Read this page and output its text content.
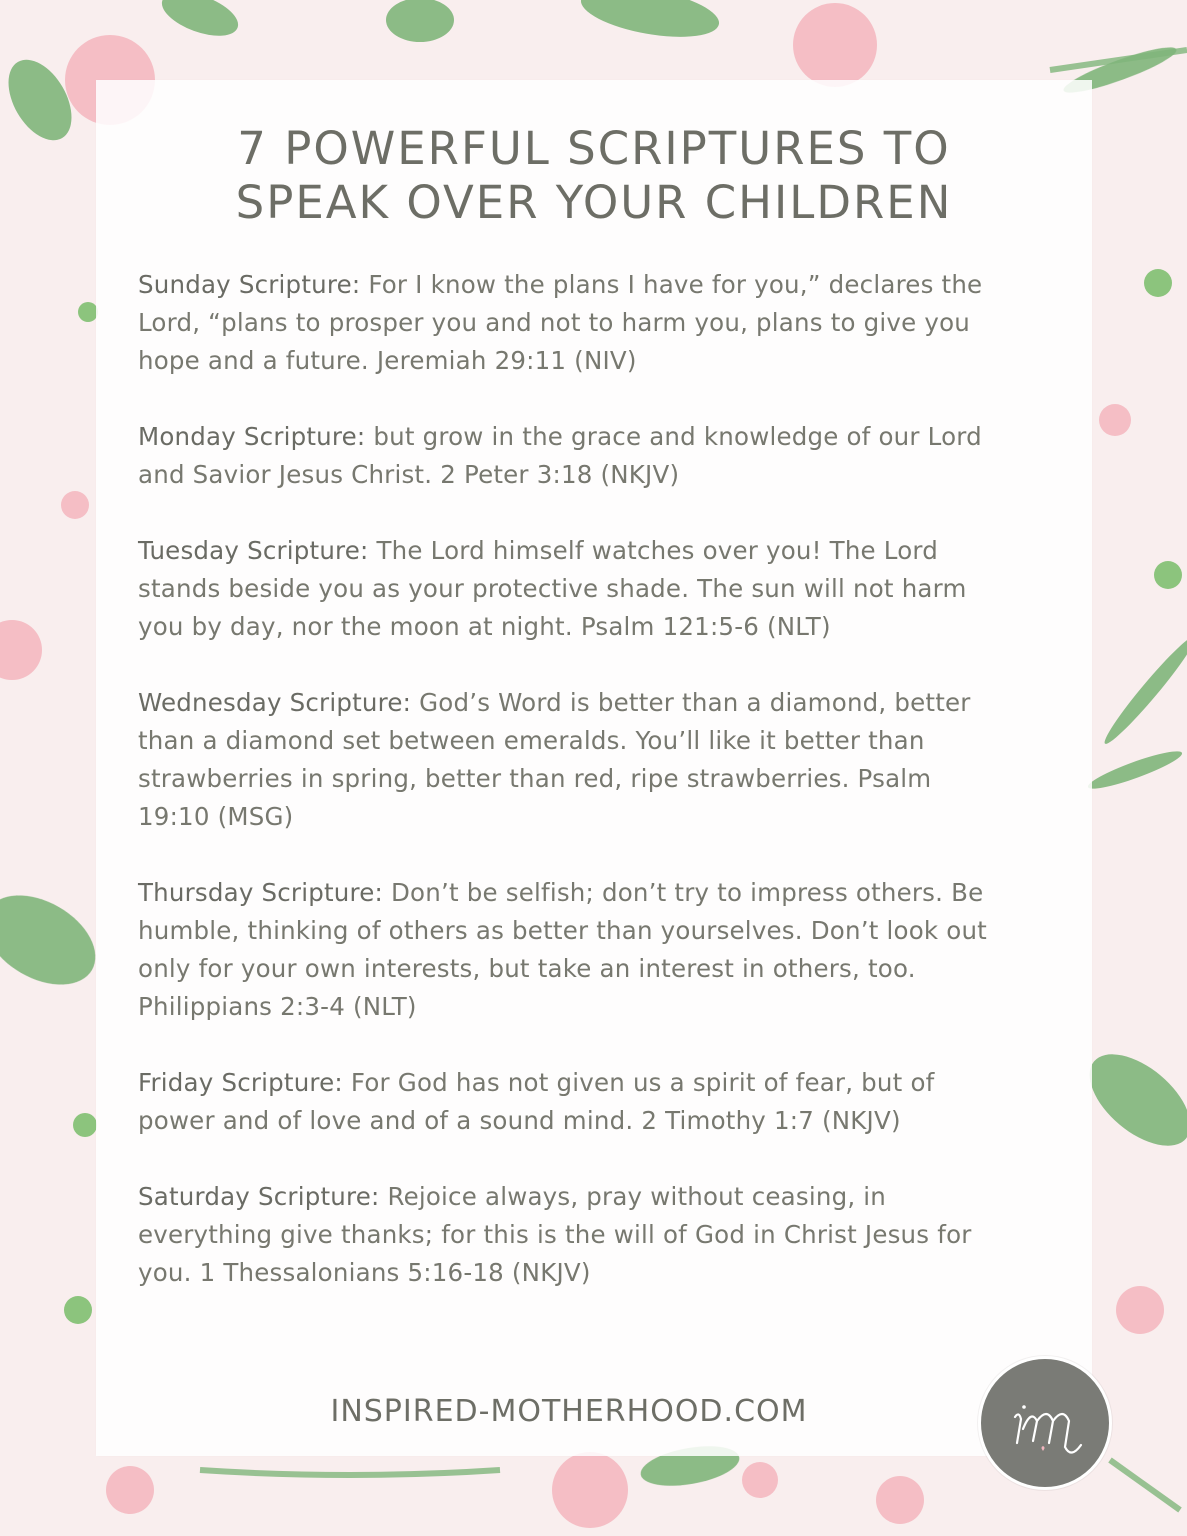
7 POWERFUL SCRIPTURES TO
SPEAK OVER YOUR CHILDREN

Sunday Scripture: For I know the plans I have for you,” declares the Lord, “plans to prosper you and not to harm you, plans to give you hope and a future. Jeremiah 29:11 (NIV)

Monday Scripture: but grow in the grace and knowledge of our Lord and Savior Jesus Christ. 2 Peter 3:18 (NKJV)

Tuesday Scripture: The Lord himself watches over you! The Lord stands beside you as your protective shade. The sun will not harm you by day, nor the moon at night. Psalm 121:5-6 (NLT)

Wednesday Scripture: God’s Word is better than a diamond, better than a diamond set between emeralds. You’ll like it better than strawberries in spring, better than red, ripe strawberries. Psalm 19:10 (MSG)

Thursday Scripture: Don’t be selfish; don’t try to impress others. Be humble, thinking of others as better than yourselves. Don’t look out only for your own interests, but take an interest in others, too. Philippians 2:3-4 (NLT)

Friday Scripture: For God has not given us a spirit of fear, but of power and of love and of a sound mind. 2 Timothy 1:7 (NKJV)

Saturday Scripture: Rejoice always, pray without ceasing, in everything give thanks; for this is the will of God in Christ Jesus for you. 1 Thessalonians 5:16-18 (NKJV)

INSPIRED-MOTHERHOOD.COM
